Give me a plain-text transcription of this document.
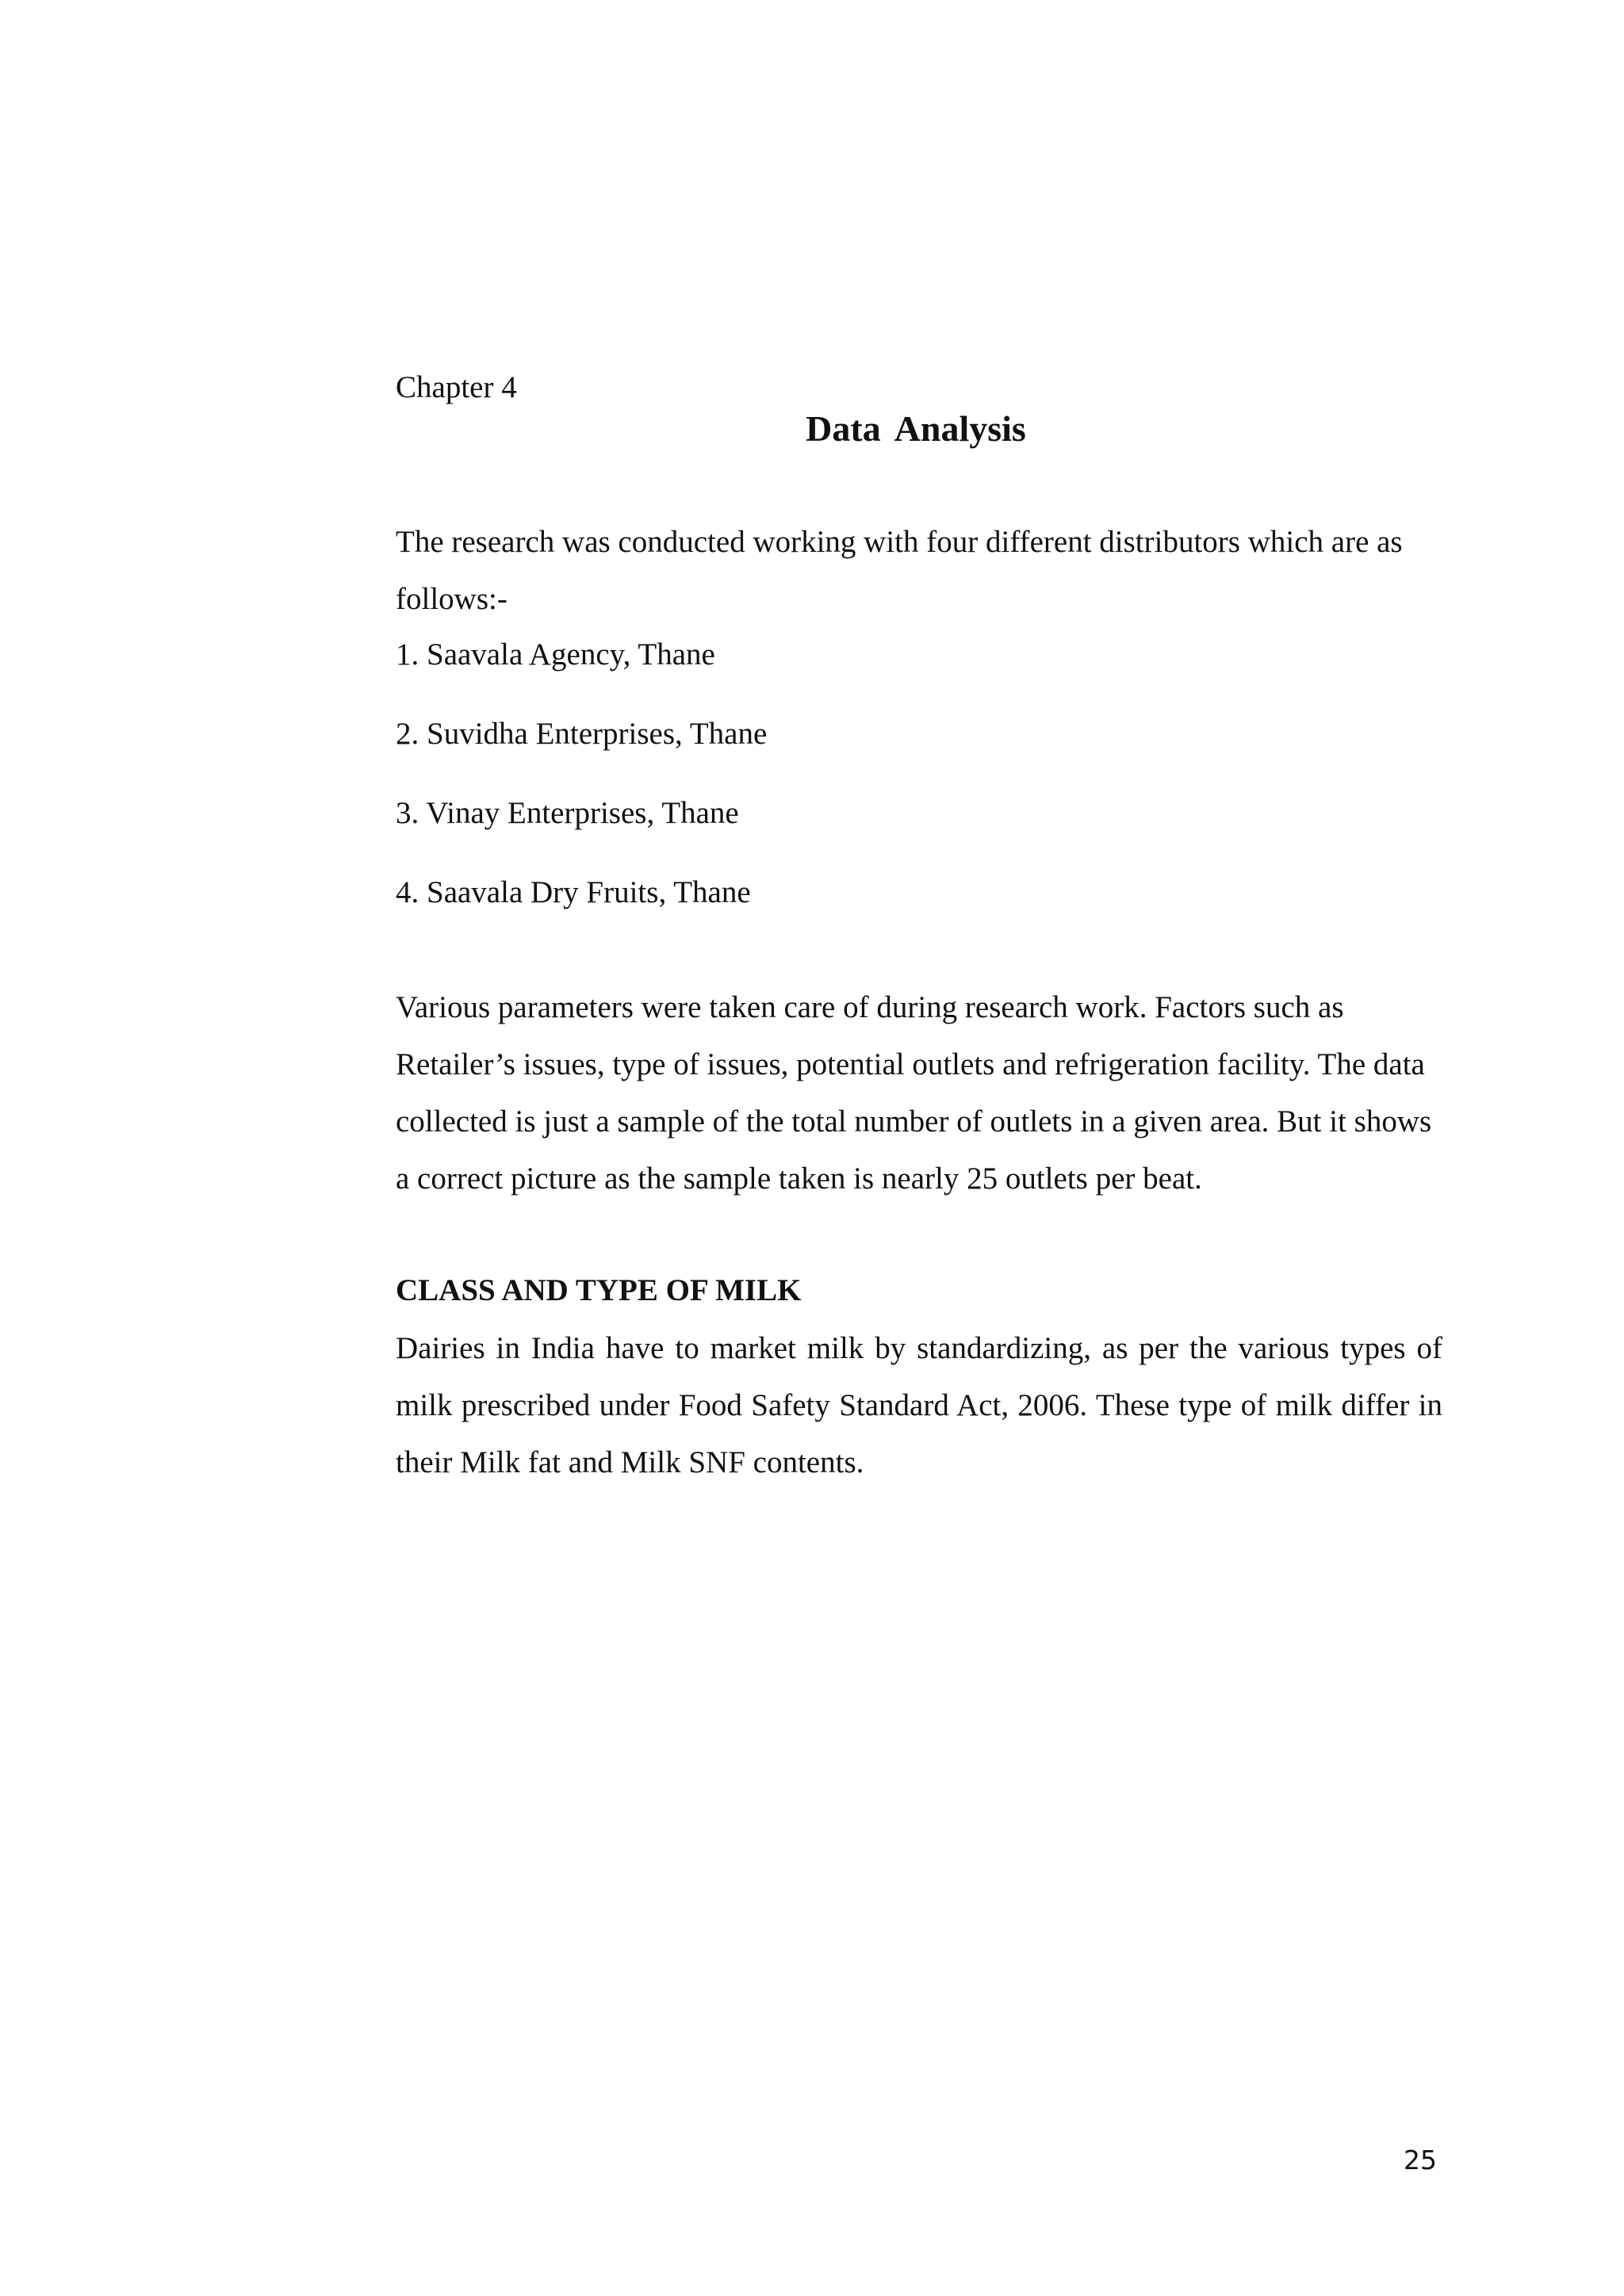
Chapter 4
Data Analysis

The research was conducted working with four different distributors which are as follows:-

1. Saavala Agency, Thane
2. Suvidha Enterprises, Thane
3. Vinay Enterprises, Thane
4. Saavala Dry Fruits, Thane

Various parameters were taken care of during research work. Factors such as Retailer’s issues, type of issues, potential outlets and refrigeration facility. The data collected is just a sample of the total number of outlets in a given area. But it shows a correct picture as the sample taken is nearly 25 outlets per beat.

CLASS AND TYPE OF MILK

Dairies in India have to market milk by standardizing, as per the various types of milk prescribed under Food Safety Standard Act, 2006. These type of milk differ in their Milk fat and Milk SNF contents.

25
